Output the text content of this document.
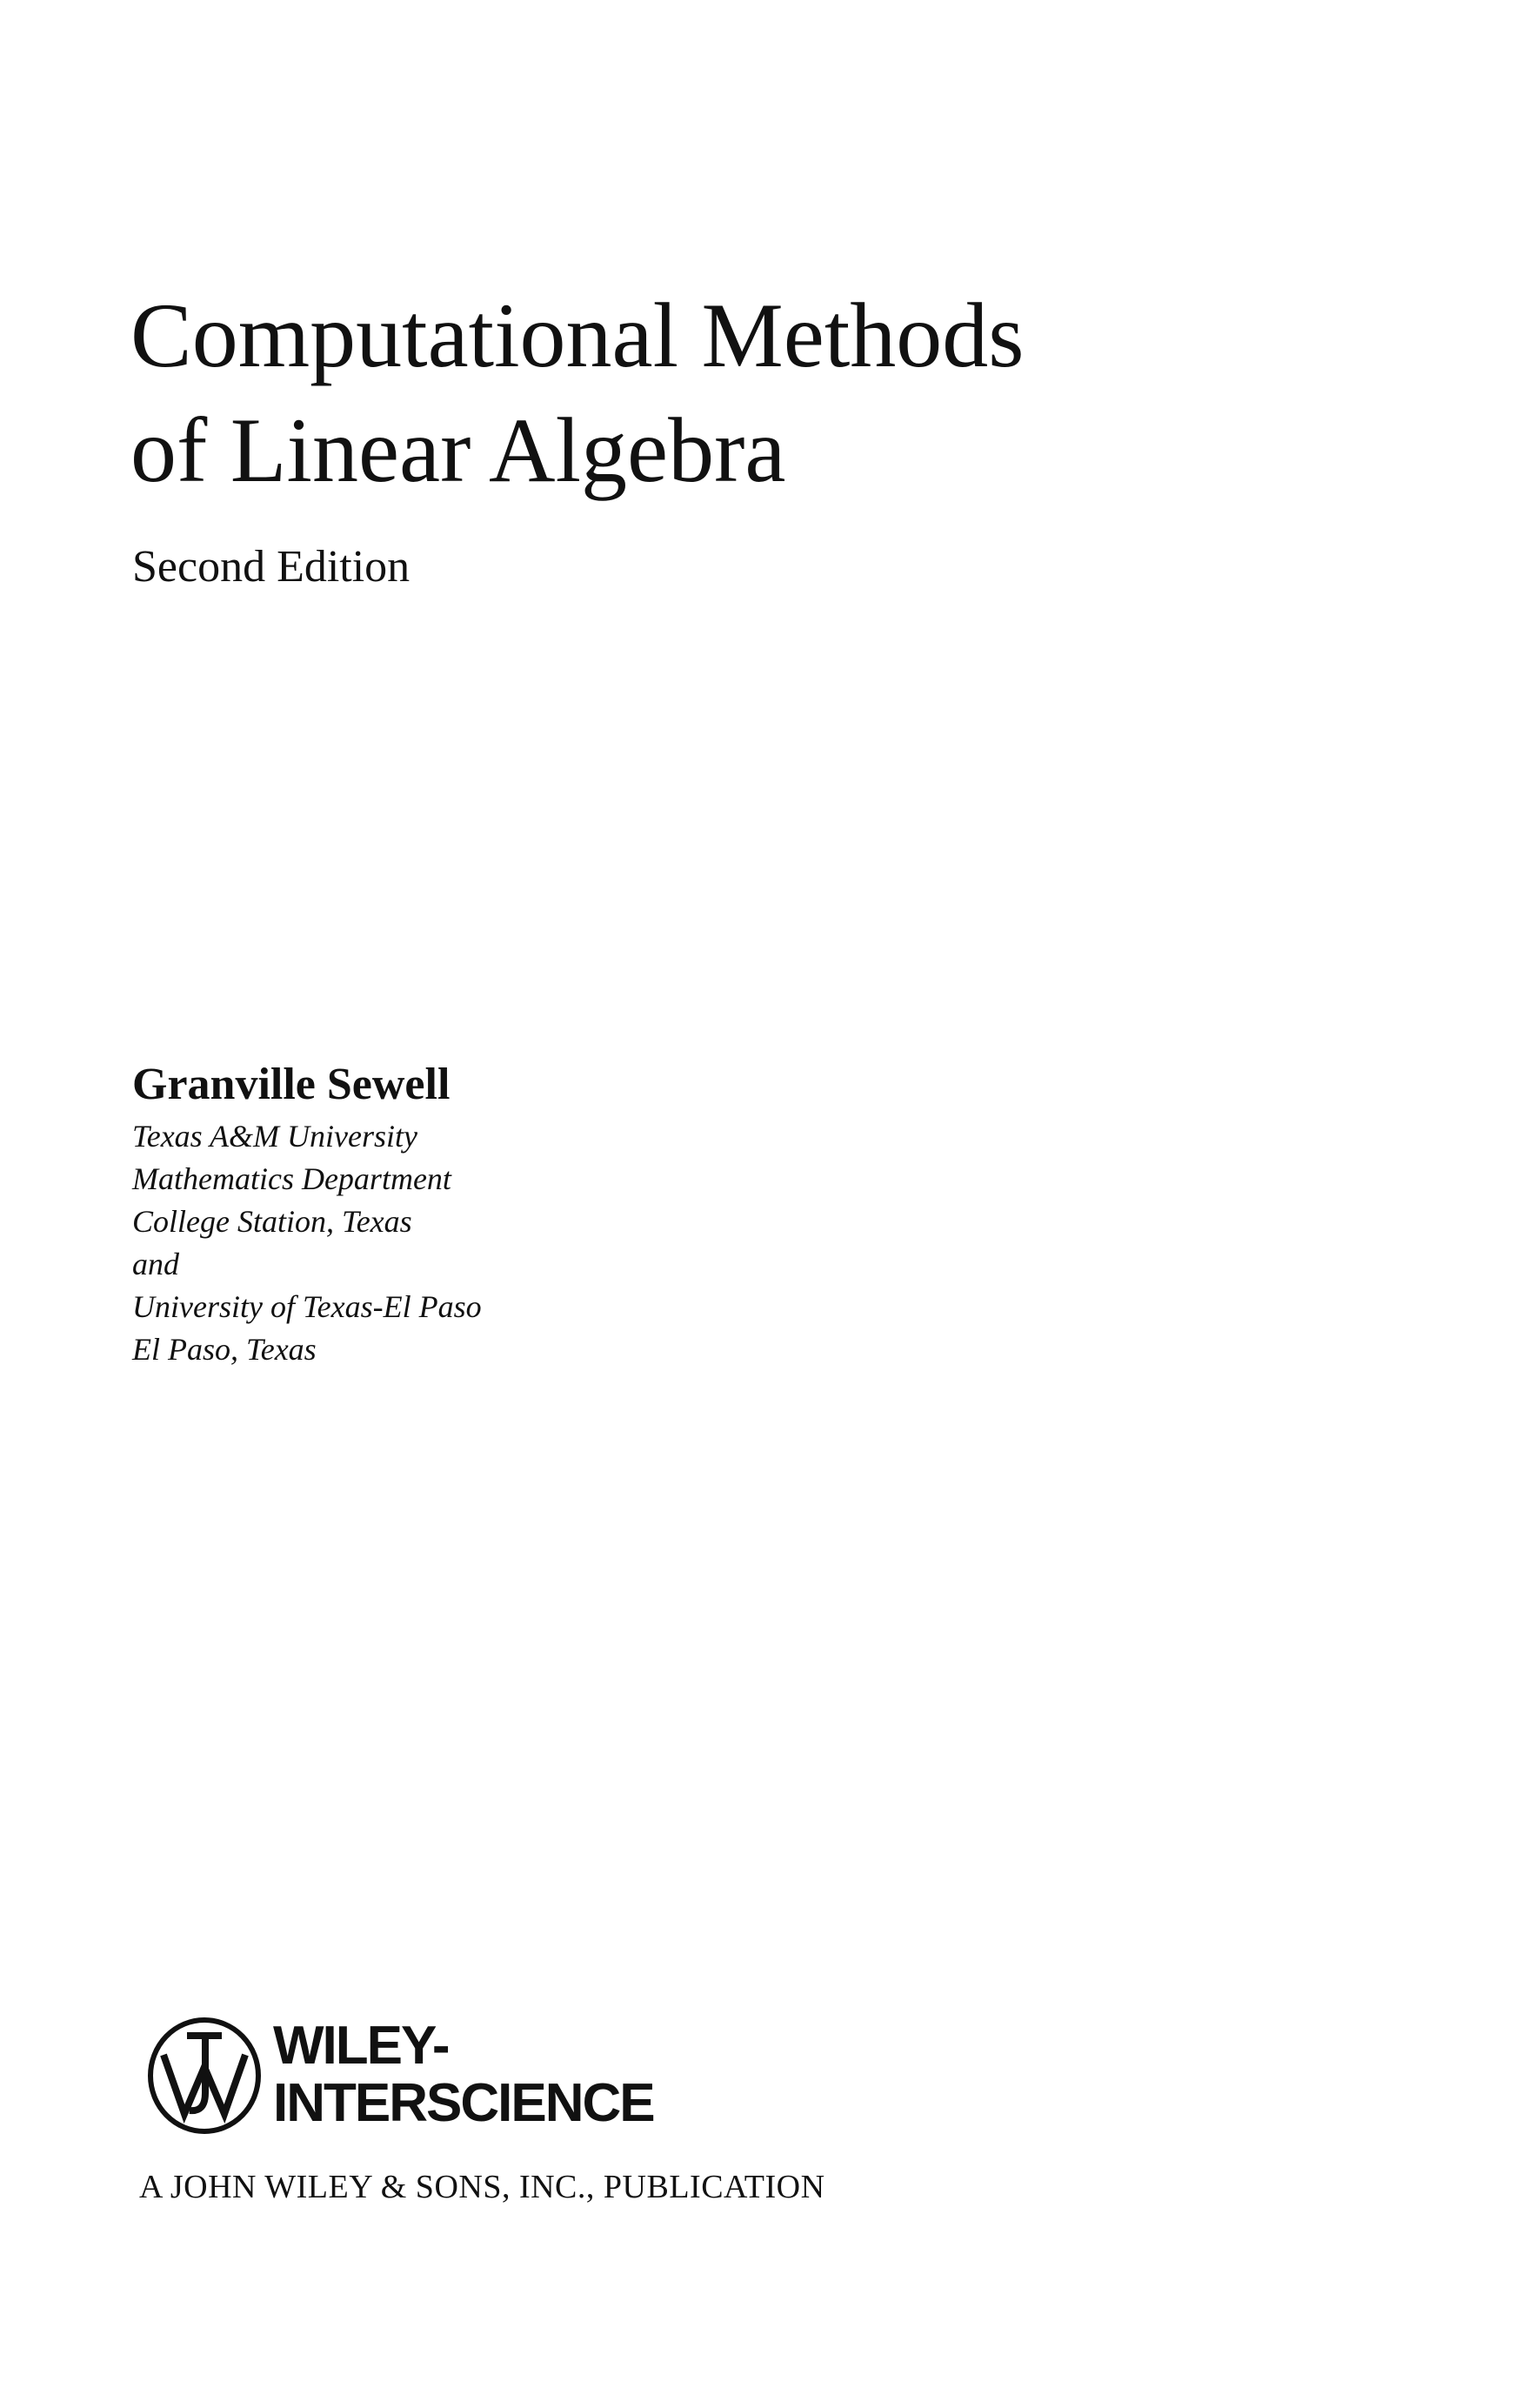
Computational Methods
of Linear Algebra
Second Edition
Granville Sewell
Texas A&M University
Mathematics Department
College Station, Texas
and
University of Texas-El Paso
El Paso, Texas
WILEY-
INTERSCIENCE
A JOHN WILEY & SONS, INC., PUBLICATION
